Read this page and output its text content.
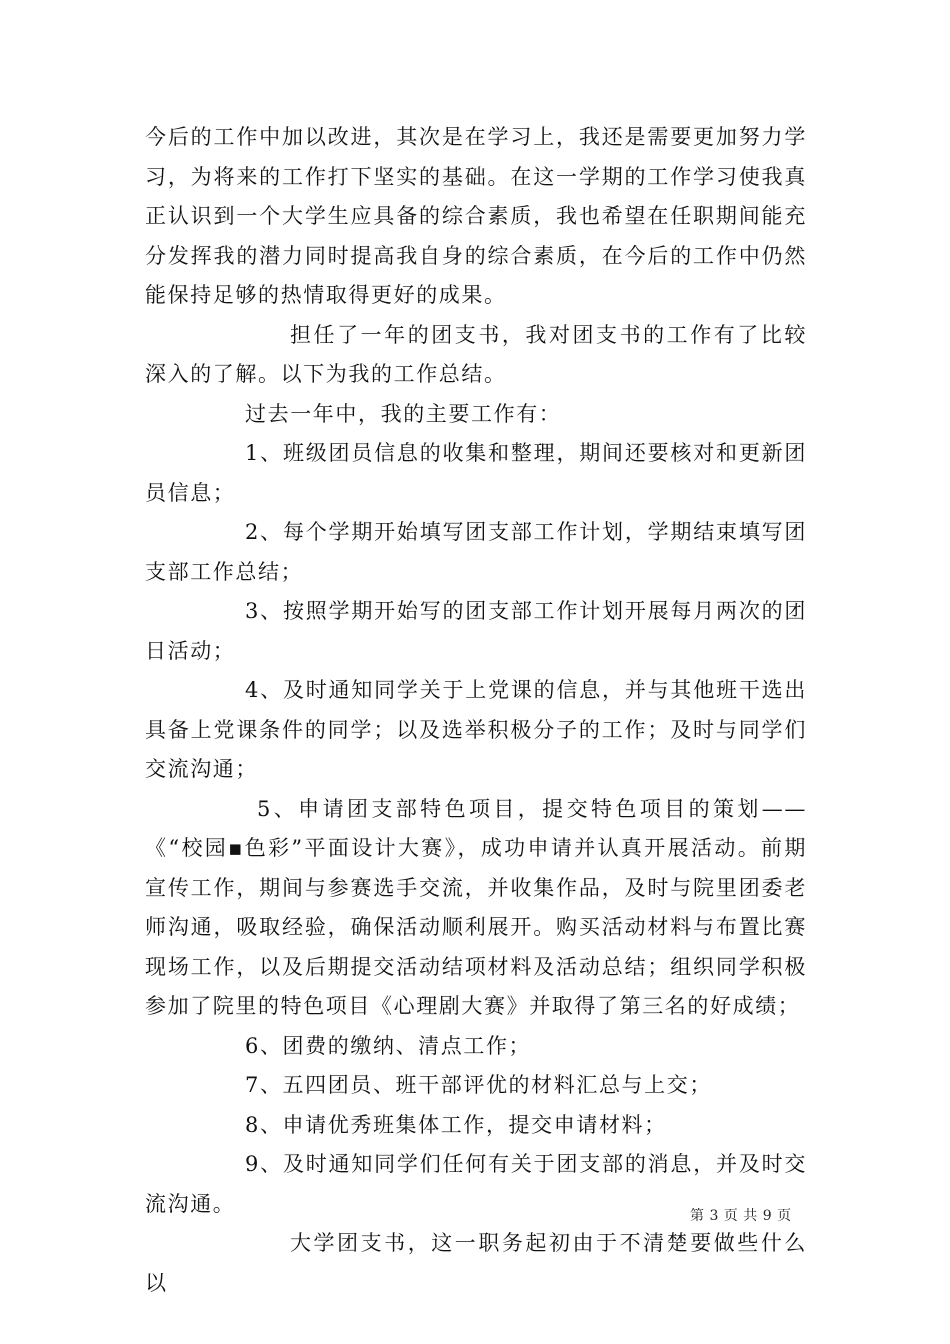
今后的工作中加以改进，其次是在学习上，我还是需要更加努力学习，为将来的工作打下坚实的基础。在这一学期的工作学习使我真正认识到一个大学生应具备的综合素质，我也希望在任职期间能充分发挥我的潜力同时提高我自身的综合素质，在今后的工作中仍然能保持足够的热情取得更好的成果。

担任了一年的团支书，我对团支书的工作有了比较深入的了解。以下为我的工作总结。

过去一年中，我的主要工作有：

1、班级团员信息的收集和整理，期间还要核对和更新团员信息；

2、每个学期开始填写团支部工作计划，学期结束填写团支部工作总结；

3、按照学期开始写的团支部工作计划开展每月两次的团日活动；

4、及时通知同学关于上党课的信息，并与其他班干选出具备上党课条件的同学；以及选举积极分子的工作；及时与同学们交流沟通；

5、申请团支部特色项目，提交特色项目的策划——《“校园▪色彩”平面设计大赛》，成功申请并认真开展活动。前期宣传工作，期间与参赛选手交流，并收集作品，及时与院里团委老师沟通，吸取经验，确保活动顺利展开。购买活动材料与布置比赛现场工作，以及后期提交活动结项材料及活动总结；组织同学积极参加了院里的特色项目《心理剧大赛》并取得了第三名的好成绩；

6、团费的缴纳、清点工作；

7、五四团员、班干部评优的材料汇总与上交；

8、申请优秀班集体工作，提交申请材料；

9、及时通知同学们任何有关于团支部的消息，并及时交流沟通。

大学团支书，这一职务起初由于不清楚要做些什么以

第 3 页 共 9 页
